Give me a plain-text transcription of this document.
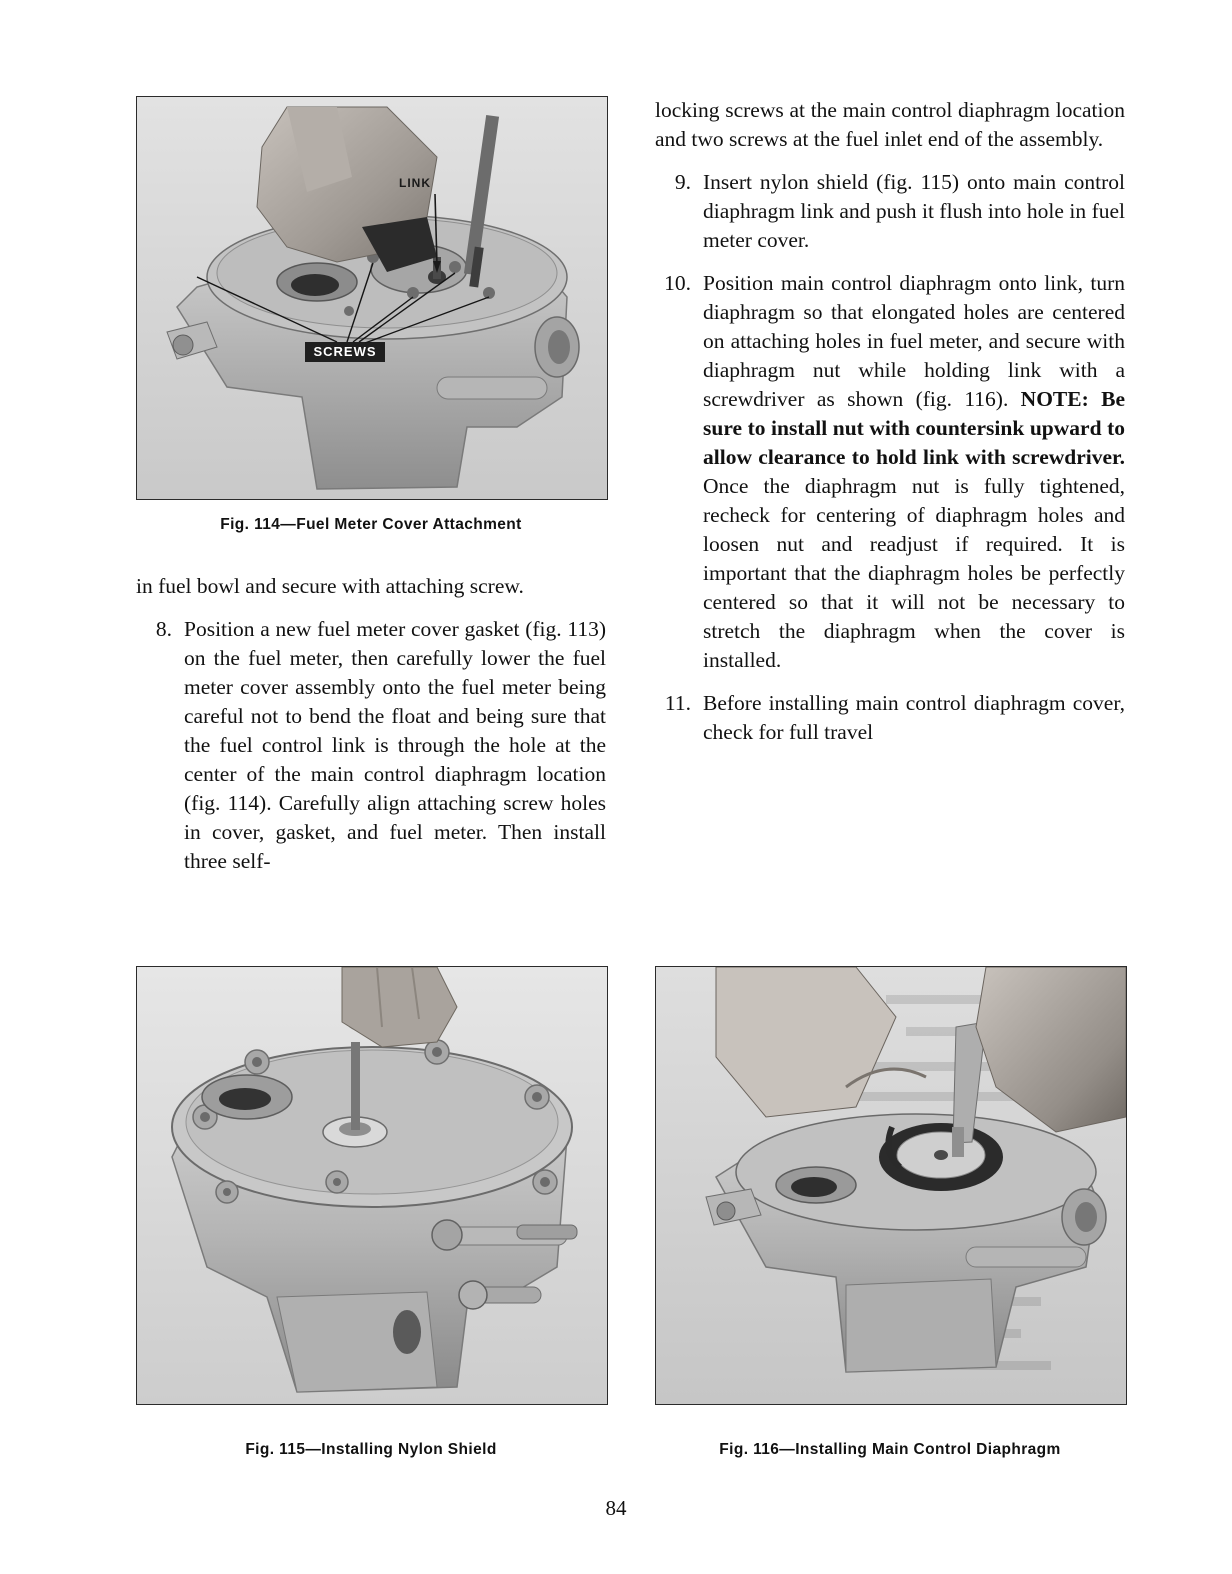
LINK
SCREWS
Fig. 114—Fuel Meter Cover Attachment

in fuel bowl and secure with attaching screw.

8. Position a new fuel meter cover gasket (fig. 113) on the fuel meter, then carefully lower the fuel meter cover assembly onto the fuel meter being careful not to bend the float and being sure that the fuel control link is through the hole at the center of the main control diaphragm location (fig. 114). Carefully align attaching screw holes in cover, gasket, and fuel meter. Then install three self-

locking screws at the main control diaphragm location and two screws at the fuel inlet end of the assembly.

9. Insert nylon shield (fig. 115) onto main control diaphragm link and push it flush into hole in fuel meter cover.

10. Position main control diaphragm onto link, turn diaphragm so that elongated holes are centered on attaching holes in fuel meter, and secure with diaphragm nut while holding link with a screwdriver as shown (fig. 116). NOTE: Be sure to install nut with countersink upward to allow clearance to hold link with screwdriver. Once the diaphragm nut is fully tightened, recheck for centering of diaphragm holes and loosen nut and readjust if required. It is important that the diaphragm holes be perfectly centered so that it will not be necessary to stretch the diaphragm when the cover is installed.

11. Before installing main control diaphragm cover, check for full travel

Fig. 115—Installing Nylon Shield	Fig. 116—Installing Main Control Diaphragm
84
